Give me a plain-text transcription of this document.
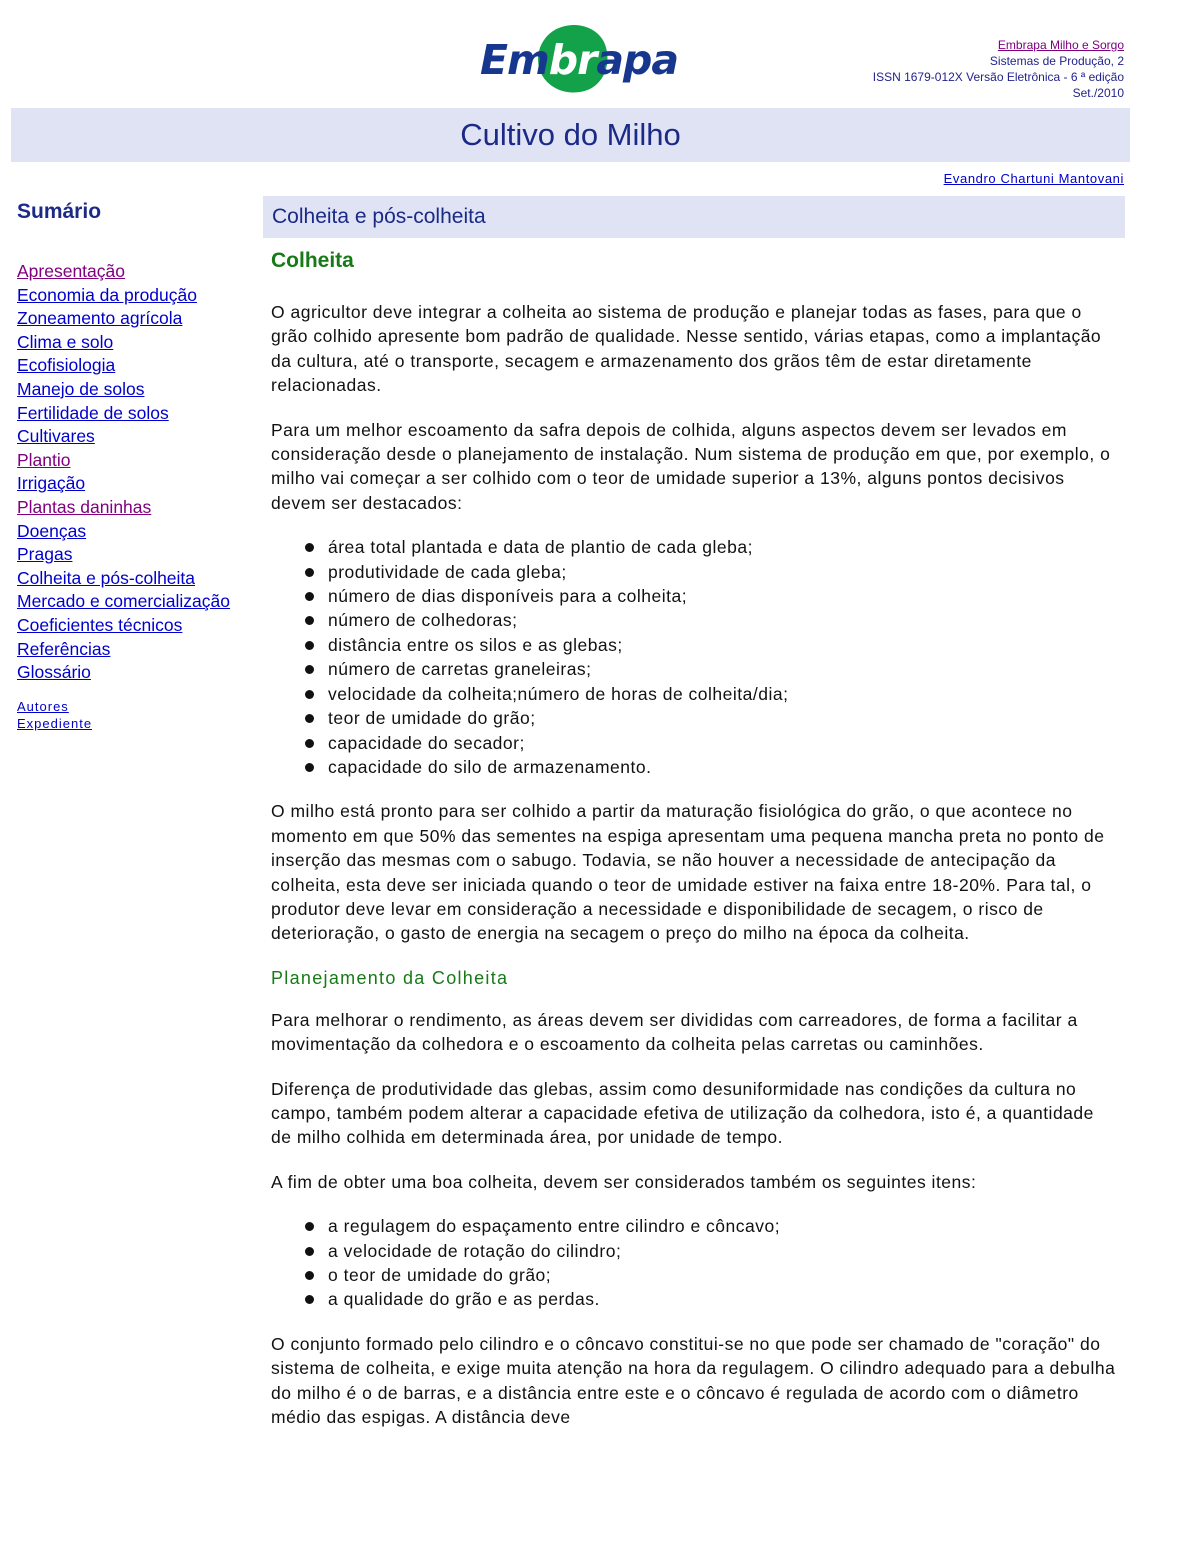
Embrapa	Embrapa Milho e Sorgo
Sistemas de Produção, 2
ISSN 1679-012X Versão Eletrônica - 6 ª edição
Set./2010
Cultivo do Milho
Evandro Chartuni Mantovani
Sumário
Apresentação
Economia da produção
Zoneamento agrícola
Clima e solo
Ecofisiologia
Manejo de solos
Fertilidade de solos
Cultivares
Plantio
Irrigação
Plantas daninhas
Doenças
Pragas
Colheita e pós-colheita
Mercado e comercialização
Coeficientes técnicos
Referências
Glossário
Autores
Expediente
Colheita e pós-colheita
Colheita

O agricultor deve integrar a colheita ao sistema de produção e planejar todas as fases, para que o grão colhido apresente bom padrão de qualidade. Nesse sentido, várias etapas, como a implantação da cultura, até o transporte, secagem e armazenamento dos grãos têm de estar diretamente relacionadas.

Para um melhor escoamento da safra depois de colhida, alguns aspectos devem ser levados em consideração desde o planejamento de instalação. Num sistema de produção em que, por exemplo, o milho vai começar a ser colhido com o teor de umidade superior a 13%, alguns pontos decisivos devem ser destacados:

área total plantada e data de plantio de cada gleba;
produtividade de cada gleba;
número de dias disponíveis para a colheita;
número de colhedoras;
distância entre os silos e as glebas;
número de carretas graneleiras;
velocidade da colheita;número de horas de colheita/dia;
teor de umidade do grão;
capacidade do secador;
capacidade do silo de armazenamento.

O milho está pronto para ser colhido a partir da maturação fisiológica do grão, o que acontece no momento em que 50% das sementes na espiga apresentam uma pequena mancha preta no ponto de inserção das mesmas com o sabugo. Todavia, se não houver a necessidade de antecipação da colheita, esta deve ser iniciada quando o teor de umidade estiver na faixa entre 18-20%. Para tal, o produtor deve levar em consideração a necessidade e disponibilidade de secagem, o risco de deterioração, o gasto de energia na secagem o preço do milho na época da colheita.

Planejamento da Colheita

Para melhorar o rendimento, as áreas devem ser divididas com carreadores, de forma a facilitar a movimentação da colhedora e o escoamento da colheita pelas carretas ou caminhões.

Diferença de produtividade das glebas, assim como desuniformidade nas condições da cultura no campo, também podem alterar a capacidade efetiva de utilização da colhedora, isto é, a quantidade de milho colhida em determinada área, por unidade de tempo.

A fim de obter uma boa colheita, devem ser considerados também os seguintes itens:

a regulagem do espaçamento entre cilindro e côncavo;
a velocidade de rotação do cilindro;
o teor de umidade do grão;
a qualidade do grão e as perdas.

O conjunto formado pelo cilindro e o côncavo constitui-se no que pode ser chamado de "coração" do sistema de colheita, e exige muita atenção na hora da regulagem. O cilindro adequado para a debulha do milho é o de barras, e a distância entre este e o côncavo é regulada de acordo com o diâmetro médio das espigas. A distância deve
